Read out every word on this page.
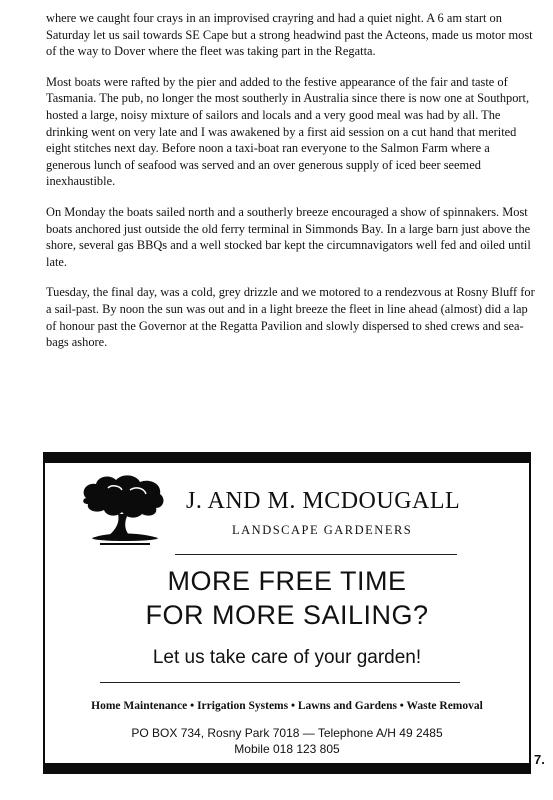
where we caught four crays in an improvised crayring and had a quiet night. A 6 am start on Saturday let us sail towards SE Cape but a strong headwind past the Acteons, made us motor most of the way to Dover where the fleet was taking part in the Regatta.

Most boats were rafted by the pier and added to the festive appearance of the fair and taste of Tasmania. The pub, no longer the most southerly in Australia since there is now one at Southport, hosted a large, noisy mixture of sailors and locals and a very good meal was had by all. The drinking went on very late and I was awakened by a first aid session on a cut hand that merited eight stitches next day. Before noon a taxi-boat ran everyone to the Salmon Farm where a generous lunch of seafood was served and an over generous supply of iced beer seemed inexhaustible.

On Monday the boats sailed north and a southerly breeze encouraged a show of spinnakers. Most boats anchored just outside the old ferry terminal in Simmonds Bay. In a large barn just above the shore, several gas BBQs and a well stocked bar kept the circumnavigators well fed and oiled until late.

Tuesday, the final day, was a cold, grey drizzle and we motored to a rendezvous at Rosny Bluff for a sail-past. By noon the sun was out and in a light breeze the fleet in line ahead (almost) did a lap of honour past the Governor at the Regatta Pavilion and slowly dispersed to shed crews and sea-bags ashore.

J. AND M. MCDOUGALL
LANDSCAPE GARDENERS
MORE FREE TIME
FOR MORE SAILING?
Let us take care of your garden!
Home Maintenance • Irrigation Systems • Lawns and Gardens • Waste Removal
PO BOX 734, Rosny Park 7018 — Telephone A/H 49 2485
Mobile 018 123 805
7.
